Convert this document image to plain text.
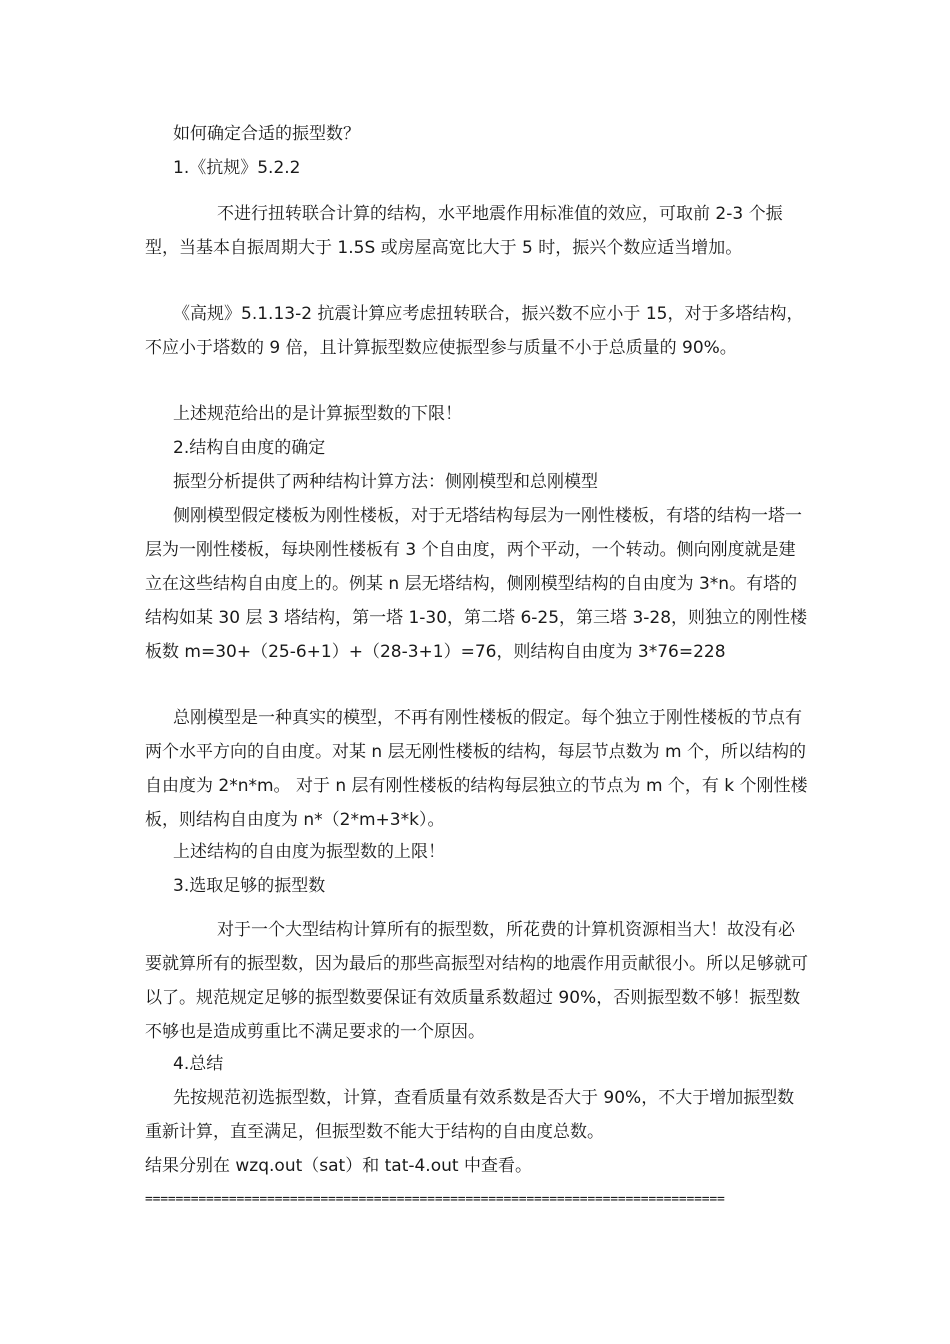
如何确定合适的振型数？

1.《抗规》5.2.2

不进行扭转联合计算的结构，水平地震作用标准值的效应，可取前 2-3 个振型，当基本自振周期大于 1.5S 或房屋高宽比大于 5 时，振兴个数应适当增加。

《高规》5.1.13-2 抗震计算应考虑扭转联合，振兴数不应小于 15，对于多塔结构，不应小于塔数的 9 倍，且计算振型数应使振型参与质量不小于总质量的 90%。

上述规范给出的是计算振型数的下限！

2.结构自由度的确定

振型分析提供了两种结构计算方法：侧刚模型和总刚模型

侧刚模型假定楼板为刚性楼板，对于无塔结构每层为一刚性楼板，有塔的结构一塔一层为一刚性楼板，每块刚性楼板有 3 个自由度，两个平动，一个转动。侧向刚度就是建立在这些结构自由度上的。例某 n 层无塔结构，侧刚模型结构的自由度为 3*n。有塔的结构如某 30 层 3 塔结构，第一塔 1-30，第二塔 6-25，第三塔 3-28，则独立的刚性楼板数 m=30+（25-6+1）+（28-3+1）=76，则结构自由度为 3*76=228

总刚模型是一种真实的模型，不再有刚性楼板的假定。每个独立于刚性楼板的节点有两个水平方向的自由度。对某 n 层无刚性楼板的结构，每层节点数为 m 个，所以结构的自由度为 2*n*m。 对于 n 层有刚性楼板的结构每层独立的节点为 m 个，有 k 个刚性楼板，则结构自由度为 n*（2*m+3*k）。

上述结构的自由度为振型数的上限！

3.选取足够的振型数

对于一个大型结构计算所有的振型数，所花费的计算机资源相当大！故没有必要就算所有的振型数，因为最后的那些高振型对结构的地震作用贡献很小。所以足够就可以了。规范规定足够的振型数要保证有效质量系数超过 90%，否则振型数不够！振型数不够也是造成剪重比不满足要求的一个原因。

4.总结

先按规范初选振型数，计算，查看质量有效系数是否大于 90%，不大于增加振型数重新计算，直至满足，但振型数不能大于结构的自由度总数。

结果分别在 wzq.out（sat）和 tat-4.out 中查看。

============================================================================
